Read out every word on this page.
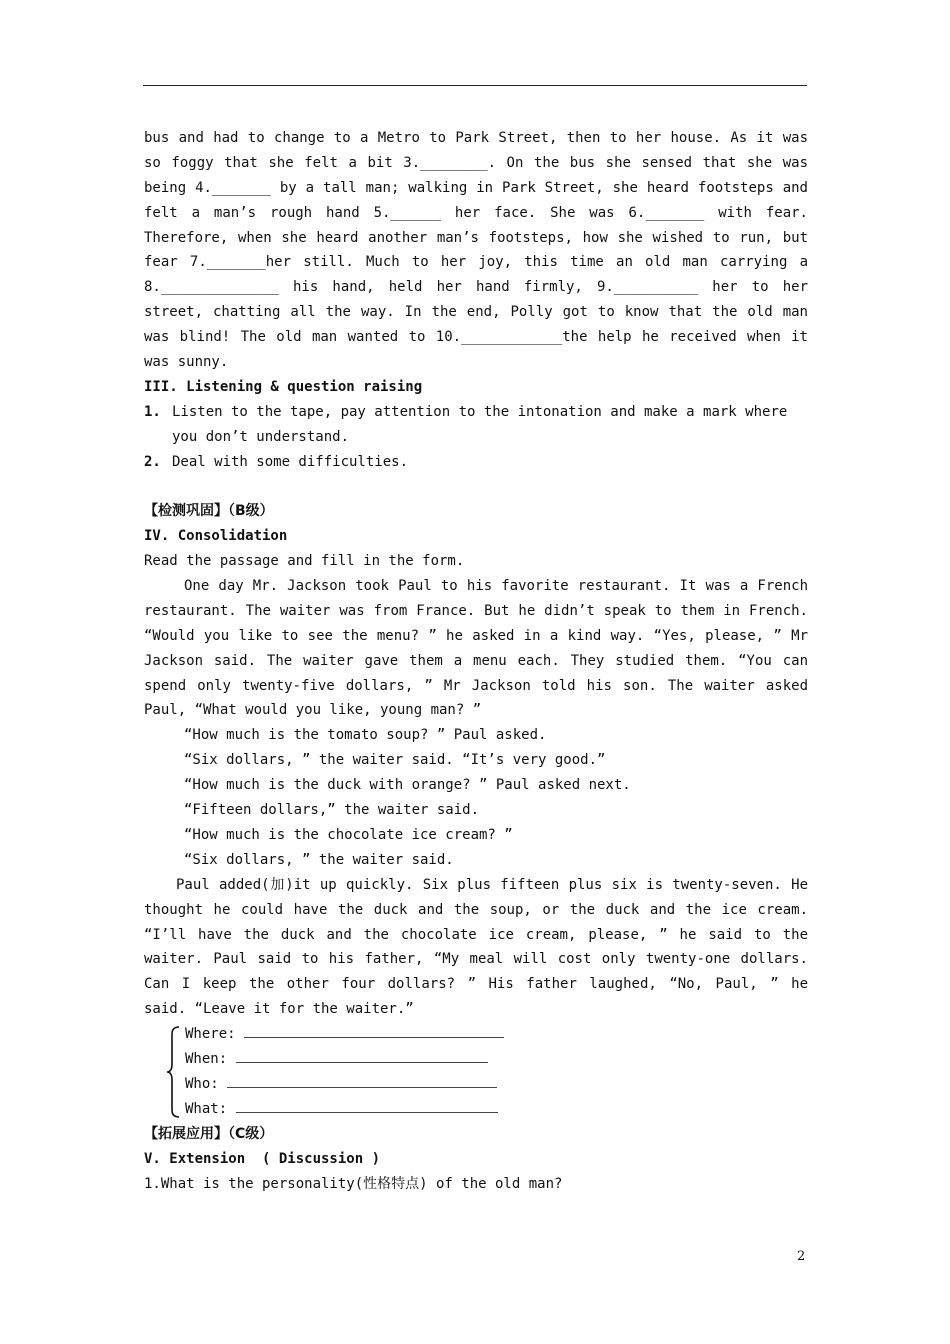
bus and had to change to a Metro to Park Street, then to her house. As it was
so foggy that she felt a bit 3.________. On the bus she sensed that she was
being 4._______ by a tall man; walking in Park Street, she heard footsteps and
felt a man’s rough hand 5.______ her face. She was 6._______ with fear.
Therefore, when she heard another man’s footsteps, how she wished to run, but
fear 7._______her still. Much to her joy, this time an old man carrying a
8.______________ his hand, held her hand firmly, 9.__________ her to her
street, chatting all the way. In the end, Polly got to know that the old man
was blind! The old man wanted to 10.____________the help he received when it
was sunny.
III. Listening & question raising
1. Listen to the tape, pay attention to the intonation and make a mark where
you don’t understand.
2. Deal with some difficulties.
【检测巩固】（B级）
IV. Consolidation
Read the passage and fill in the form.
One day Mr. Jackson took Paul to his favorite restaurant. It was a French
restaurant. The waiter was from France. But he didn’t speak to them in French.
“Would you like to see the menu? ” he asked in a kind way. “Yes, please, ” Mr
Jackson said. The waiter gave them a menu each. They studied them. “You can
spend only twenty-five dollars, ” Mr Jackson told his son. The waiter asked
Paul, “What would you like, young man? ”
“How much is the tomato soup? ” Paul asked.
“Six dollars, ” the waiter said. “It’s very good.”
“How much is the duck with orange? ” Paul asked next.
“Fifteen dollars,” the waiter said.
“How much is the chocolate ice cream? ”
“Six dollars, ” the waiter said.
Paul added(加)it up quickly. Six plus fifteen plus six is twenty-seven. He
thought he could have the duck and the soup, or the duck and the ice cream.
“I’ll have the duck and the chocolate ice cream, please, ” he said to the
waiter. Paul said to his father, “My meal will cost only twenty-one dollars.
Can I keep the other four dollars? ” His father laughed, “No, Paul, ” he
said. “Leave it for the waiter.”
Where:
When:
Who:
What:
【拓展应用】（C级）
V. Extension  ( Discussion )
1.What is the personality(性格特点) of the old man?
2
